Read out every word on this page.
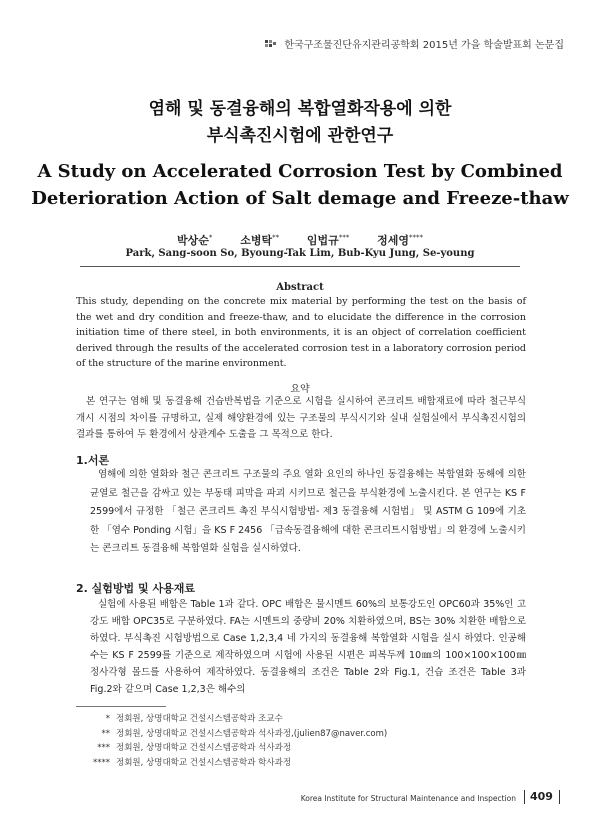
한국구조물진단유지관리공학회 2015년 가을 학술발표회 논문집
염해 및 동결융해의 복합열화작용에 의한
부식촉진시험에 관한연구
A Study on Accelerated Corrosion Test by Combined
Deterioration Action of Salt demage and Freeze-thaw
박상순*	소병탁**	임법규***	정세영****
Park, Sang-soon So, Byoung-Tak Lim, Bub-Kyu Jung, Se-young
Abstract
This study, depending on the concrete mix material by performing the test on the basis of the wet and dry condition and freeze-thaw, and to elucidate the difference in the corrosion initiation time of there steel, in both environments, it is an object of correlation coefficient derived through the results of the accelerated corrosion test in a laboratory corrosion period of the structure of the marine environment.
요약
본 연구는 염해 및 동결융해 건습반복법을 기준으로 시험을 실시하여 콘크리트 배합재료에 따라 철근부식 개시 시점의 차이를 규명하고, 실제 해양환경에 있는 구조물의 부식시기와 실내 실험실에서 부식촉진시험의 결과를 통하여 두 환경에서 상관계수 도출을 그 목적으로 한다.
1.서론
염해에 의한 열화와 철근 콘크리트 구조물의 주요 열화 요인의 하나인 동결융해는 복합열화 동해에 의한 균열로 철근을 감싸고 있는 부동태 피막을 파괴 시키므로 철근을 부식환경에 노출시킨다. 본 연구는 KS F 2599에서 규정한 「철근 콘크리트 촉진 부식시험방법- 제3 동결융해 시험법」 및 ASTM G 109에 기초한 「염수 Ponding 시험」을 KS F 2456 「급속동결융해에 대한 콘크리트시험방법」의 환경에 노출시키는 콘크리트 동결융해 복합열화 실험을 실시하였다.
2. 실험방법 및 사용재료
실험에 사용된 배합은 Table 1과 같다. OPC 배합은 물시멘트 60%의 보통강도인 OPC60과 35%인 고강도 배합 OPC35로 구분하였다. FA는 시멘트의 중량비 20% 치환하였으며, BS는 30% 치환한 배합으로 하였다. 부식촉진 시험방법으로 Case 1,2,3,4 네 가지의 동결융해 복합열화 시험을 실시 하였다. 인공해수는 KS F 2599를 기준으로 제작하였으며 시험에 사용된 시편은 피복두께 10㎜의 100×100×100㎜ 정사각형 몰드를 사용하여 제작하였다. 동결융해의 조건은 Table 2와 Fig.1, 건습 조건은 Table 3과 Fig.2와 같으며 Case 1,2,3은 해수의
* 정회원, 상명대학교 건설시스템공학과 조교수
** 정회원, 상명대학교 건설시스템공학과 석사과정,(julien87@naver.com)
*** 정회원, 상명대학교 건설시스템공학과 석사과정
**** 정회원, 상명대학교 건설시스템공학과 학사과정
Korea Institute for Structural Maintenance and Inspection 409
